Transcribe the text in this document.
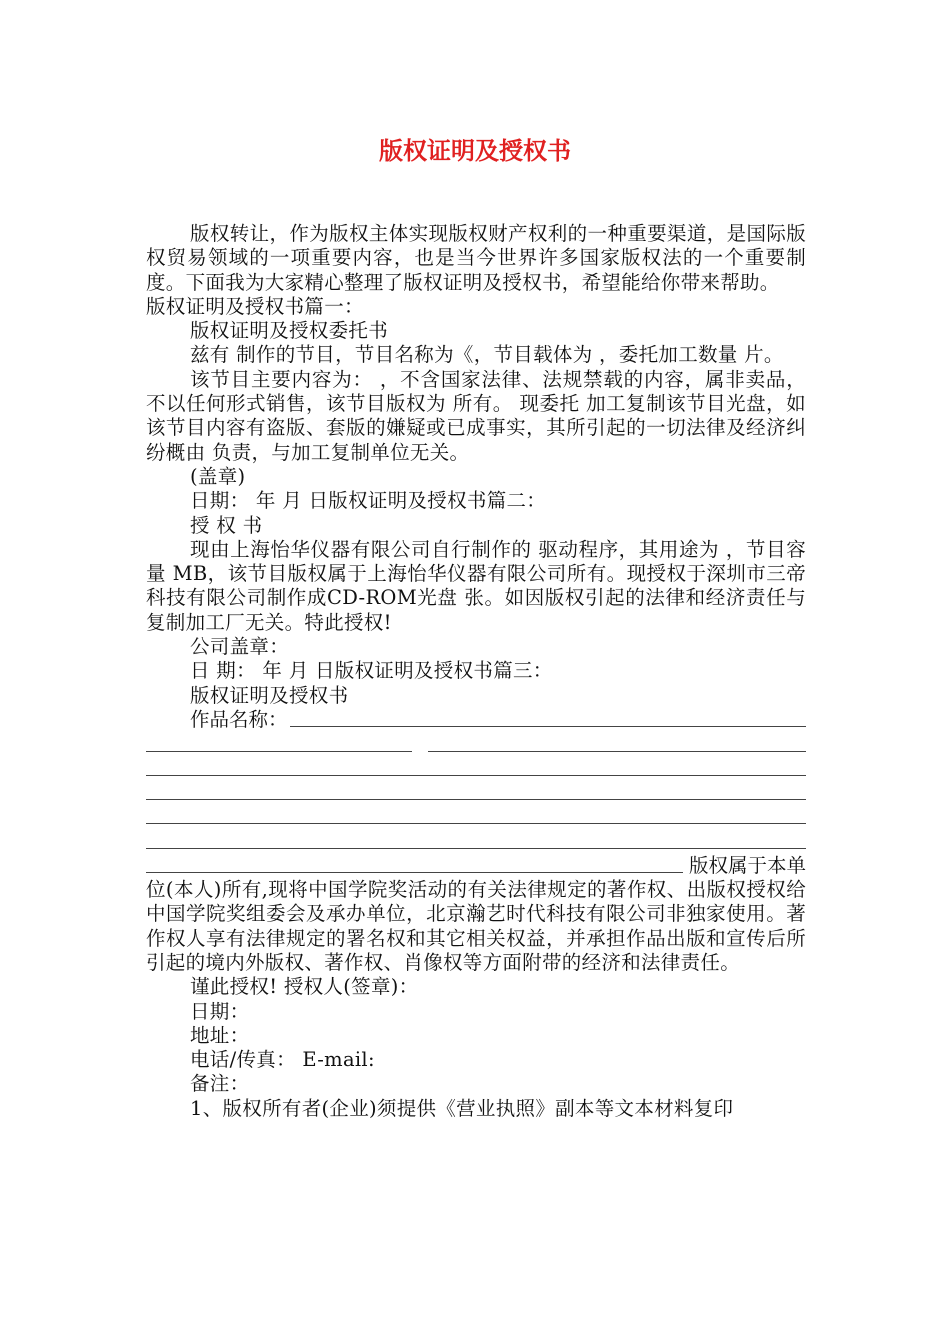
版权证明及授权书

版权转让，作为版权主体实现版权财产权利的一种重要渠道，是国际版权贸易领域的一项重要内容，也是当今世界许多国家版权法的一个重要制度。下面我为大家精心整理了版权证明及授权书，希望能给你带来帮助。

版权证明及授权书篇一：

版权证明及授权委托书

兹有 制作的节目，节目名称为《，节目载体为 ，委托加工数量 片。

该节目主要内容为： ，不含国家法律、法规禁载的内容，属非卖品，不以任何形式销售，该节目版权为 所有。 现委托 加工复制该节目光盘，如该节目内容有盗版、套版的嫌疑或已成事实，其所引起的一切法律及经济纠纷概由 负责，与加工复制单位无关。

(盖章)

日期： 年 月 日版权证明及授权书篇二：

授 权 书

现由上海怡华仪器有限公司自行制作的 驱动程序，其用途为 ，节目容量 MB，该节目版权属于上海怡华仪器有限公司所有。现授权于深圳市三帝科技有限公司制作成CD-ROM光盘 张。如因版权引起的法律和经济责任与复制加工厂无关。特此授权!

公司盖章：

日 期： 年 月 日版权证明及授权书篇三：

版权证明及授权书

作品名称：
版权属于本单

位(本人)所有,现将中国学院奖活动的有关法律规定的著作权、出版权授权给中国学院奖组委会及承办单位，北京瀚艺时代科技有限公司非独家使用。著作权人享有法律规定的署名权和其它相关权益，并承担作品出版和宣传后所引起的境内外版权、著作权、肖像权等方面附带的经济和法律责任。

谨此授权! 授权人(签章)：

日期：

地址：

电话/传真： E-mail:

备注：

1、版权所有者(企业)须提供《营业执照》副本等文本材料复印
